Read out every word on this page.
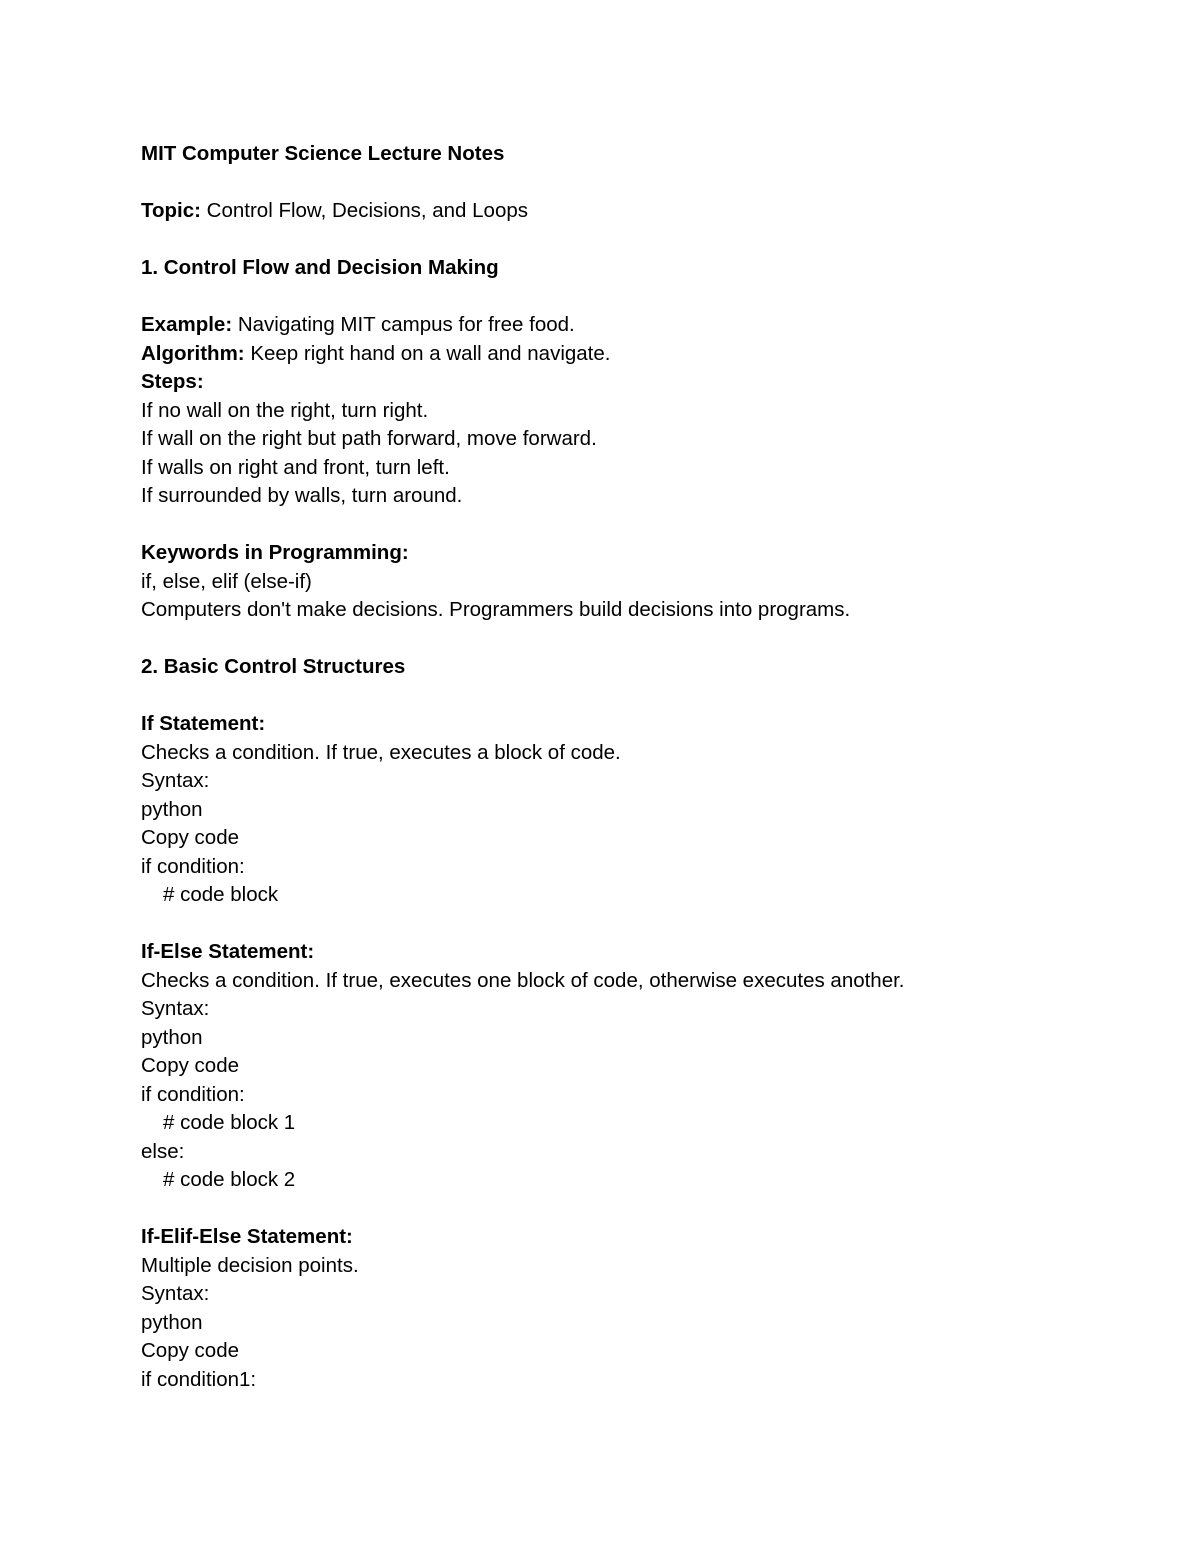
MIT Computer Science Lecture Notes
Topic: Control Flow, Decisions, and Loops
1. Control Flow and Decision Making
Example: Navigating MIT campus for free food.
Algorithm: Keep right hand on a wall and navigate.
Steps:
If no wall on the right, turn right.
If wall on the right but path forward, move forward.
If walls on right and front, turn left.
If surrounded by walls, turn around.
Keywords in Programming:
if, else, elif (else-if)
Computers don't make decisions. Programmers build decisions into programs.
2. Basic Control Structures
If Statement:
Checks a condition. If true, executes a block of code.
Syntax:
python
Copy code
if condition:
# code block
If-Else Statement:
Checks a condition. If true, executes one block of code, otherwise executes another.
Syntax:
python
Copy code
if condition:
# code block 1
else:
# code block 2
If-Elif-Else Statement:
Multiple decision points.
Syntax:
python
Copy code
if condition1:
